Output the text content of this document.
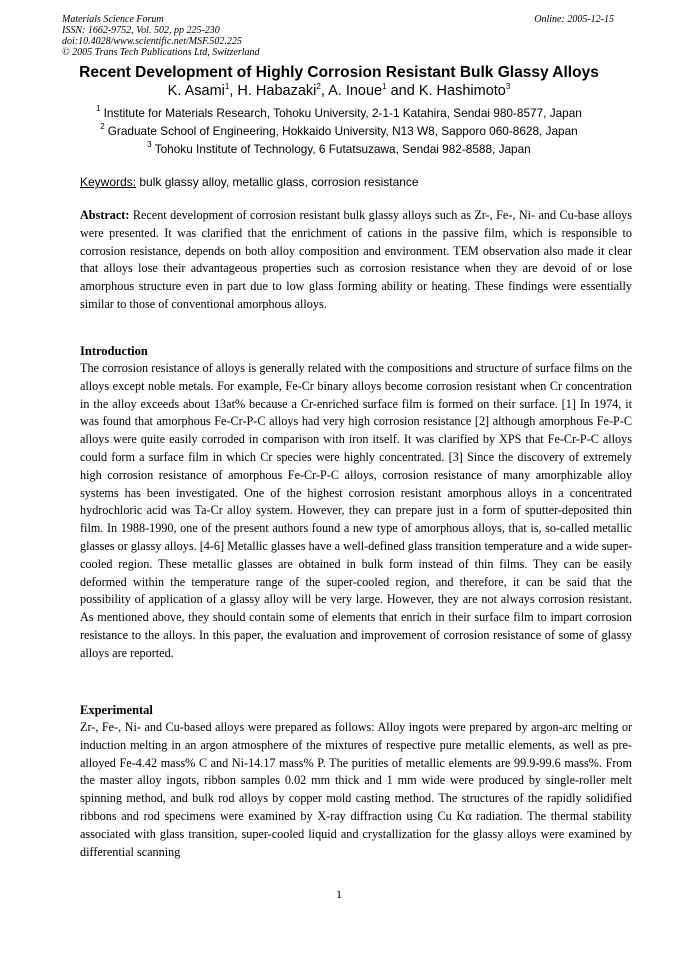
Materials Science Forum	Online: 2005-12-15
ISSN: 1662-9752, Vol. 502, pp 225-230
doi:10.4028/www.scientific.net/MSF.502.225
© 2005 Trans Tech Publications Ltd, Switzerland
Recent Development of Highly Corrosion Resistant Bulk Glassy Alloys
K. Asami$^1$, H. Habazaki$^2$, A. Inoue$^1$ and K. Hashimoto$^3$
$^1$ Institute for Materials Research, Tohoku University, 2-1-1 Katahira, Sendai 980-8577, Japan
$^2$ Graduate School of Engineering, Hokkaido University, N13 W8, Sapporo 060-8628, Japan
$^3$ Tohoku Institute of Technology, 6 Futatsuzawa, Sendai 982-8588, Japan
Keywords: bulk glassy alloy, metallic glass, corrosion resistance
Abstract: Recent development of corrosion resistant bulk glassy alloys such as Zr-, Fe-, Ni- and Cu-base alloys were presented. It was clarified that the enrichment of cations in the passive film, which is responsible to corrosion resistance, depends on both alloy composition and environment. TEM observation also made it clear that alloys lose their advantageous properties such as corrosion resistance when they are devoid of or lose amorphous structure even in part due to low glass forming ability or heating. These findings were essentially similar to those of conventional amorphous alloys.
Introduction
The corrosion resistance of alloys is generally related with the compositions and structure of surface films on the alloys except noble metals. For example, Fe-Cr binary alloys become corrosion resistant when Cr concentration in the alloy exceeds about 13at% because a Cr-enriched surface film is formed on their surface. [1] In 1974, it was found that amorphous Fe-Cr-P-C alloys had very high corrosion resistance [2] although amorphous Fe-P-C alloys were quite easily corroded in comparison with iron itself. It was clarified by XPS that Fe-Cr-P-C alloys could form a surface film in which Cr species were highly concentrated. [3] Since the discovery of extremely high corrosion resistance of amorphous Fe-Cr-P-C alloys, corrosion resistance of many amorphizable alloy systems has been investigated. One of the highest corrosion resistant amorphous alloys in a concentrated hydrochloric acid was Ta-Cr alloy system. However, they can prepare just in a form of sputter-deposited thin film. In 1988-1990, one of the present authors found a new type of amorphous alloys, that is, so-called metallic glasses or glassy alloys. [4-6] Metallic glasses have a well-defined glass transition temperature and a wide super-cooled region. These metallic glasses are obtained in bulk form instead of thin films. They can be easily deformed within the temperature range of the super-cooled region, and therefore, it can be said that the possibility of application of a glassy alloy will be very large. However, they are not always corrosion resistant. As mentioned above, they should contain some of elements that enrich in their surface film to impart corrosion resistance to the alloys. In this paper, the evaluation and improvement of corrosion resistance of some of glassy alloys are reported.
Experimental
Zr-, Fe-, Ni- and Cu-based alloys were prepared as follows: Alloy ingots were prepared by argon-arc melting or induction melting in an argon atmosphere of the mixtures of respective pure metallic elements, as well as pre-alloyed Fe-4.42 mass% C and Ni-14.17 mass% P. The purities of metallic elements are 99.9-99.6 mass%. From the master alloy ingots, ribbon samples 0.02 mm thick and 1 mm wide were produced by single-roller melt spinning method, and bulk rod alloys by copper mold casting method. The structures of the rapidly solidified ribbons and rod specimens were examined by X-ray diffraction using Cu Kα radiation. The thermal stability associated with glass transition, super-cooled liquid and crystallization for the glassy alloys were examined by differential scanning
1
